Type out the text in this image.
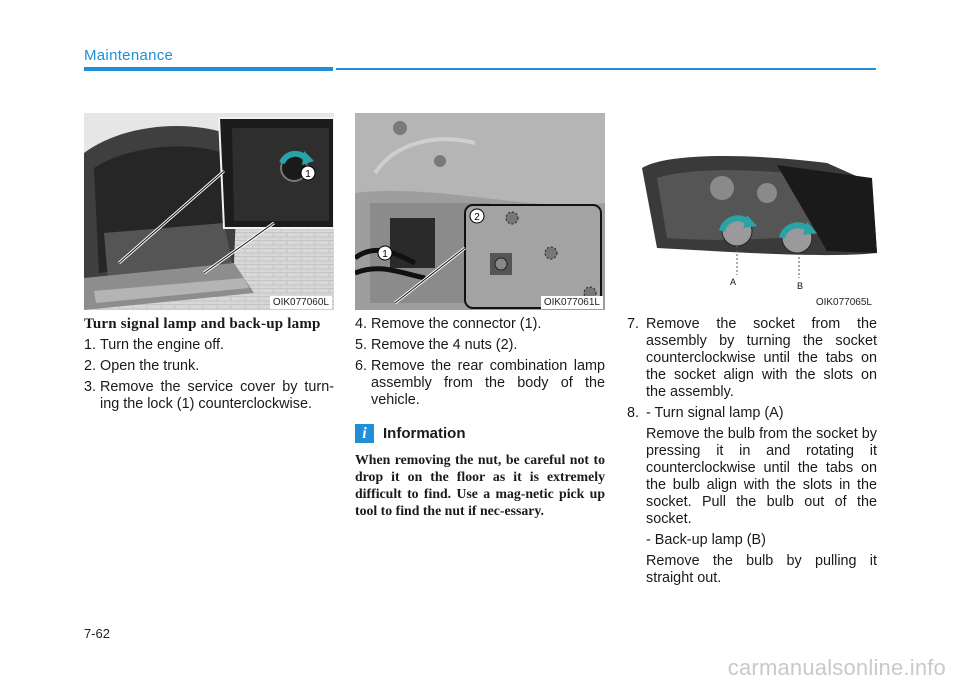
Maintenance
1
OIK077060L
1
2
OIK077061L
A	B
OIK077065L
Turn signal lamp and back-up lamp
1. Turn the engine off.
2. Open the trunk.
3. Remove the service cover by turn-ing the lock (1) counterclockwise.
4. Remove the connector (1).
5. Remove the 4 nuts (2).
6. Remove the rear combination lamp assembly from the body of the vehicle.
i	Information
When removing the nut, be careful not to drop it on the floor as it is extremely difficult to find. Use a mag-netic pick up tool to find the nut if nec-essary.
7. Remove the socket from the assembly by turning the socket counterclockwise until the tabs on the socket align with the slots on the assembly.
8. - Turn signal lamp (A)
Remove the bulb from the socket by pressing it in and rotating it counterclockwise until the tabs on the bulb align with the slots in the socket. Pull the bulb out of the socket.
- Back-up lamp (B)
Remove the bulb by pulling it straight out.
7-62
carmanualsonline.info
